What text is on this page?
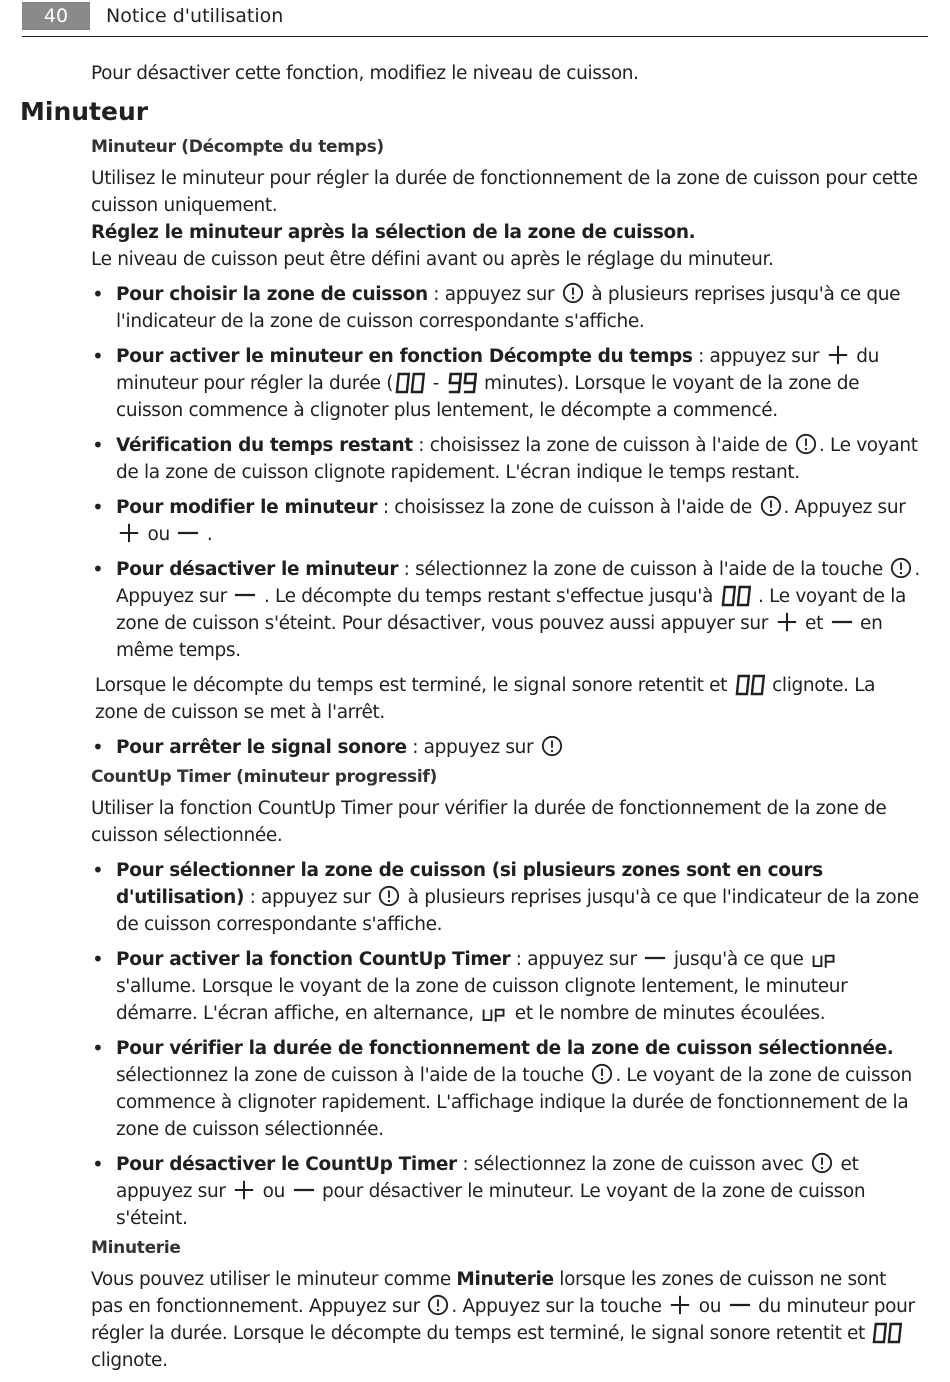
40	Notice d'utilisation

Pour désactiver cette fonction, modifiez le niveau de cuisson.

Minuteur
Minuteur (Décompte du temps)

Utilisez le minuteur pour régler la durée de fonctionnement de la zone de cuisson pour cette cuisson uniquement.

Réglez le minuteur après la sélection de la zone de cuisson.

Le niveau de cuisson peut être défini avant ou après le réglage du minuteur.

• Pour choisir la zone de cuisson : appuyez sur  à plusieurs reprises jusqu'à ce que l'indicateur de la zone de cuisson correspondante s'affiche.
• Pour activer le minuteur en fonction Décompte du temps : appuyez sur  du minuteur pour régler la durée ( -  minutes). Lorsque le voyant de la zone de cuisson commence à clignoter plus lentement, le décompte a commencé.
• Vérification du temps restant : choisissez la zone de cuisson à l'aide de . Le voyant de la zone de cuisson clignote rapidement. L'écran indique le temps restant.
• Pour modifier le minuteur : choisissez la zone de cuisson à l'aide de . Appuyez sur  ou  .
• Pour désactiver le minuteur : sélectionnez la zone de cuisson à l'aide de la touche . Appuyez sur  . Le décompte du temps restant s'effectue jusqu'à  . Le voyant de la zone de cuisson s'éteint. Pour désactiver, vous pouvez aussi appuyer sur  et  en même temps.

Lorsque le décompte du temps est terminé, le signal sonore retentit et  clignote. La zone de cuisson se met à l'arrêt.

• Pour arrêter le signal sonore : appuyez sur
CountUp Timer (minuteur progressif)

Utiliser la fonction CountUp Timer pour vérifier la durée de fonctionnement de la zone de cuisson sélectionnée.

• Pour sélectionner la zone de cuisson (si plusieurs zones sont en cours d'utilisation) : appuyez sur  à plusieurs reprises jusqu'à ce que l'indicateur de la zone de cuisson correspondante s'affiche.
• Pour activer la fonction CountUp Timer : appuyez sur  jusqu'à ce que  s'allume. Lorsque le voyant de la zone de cuisson clignote lentement, le minuteur démarre. L'écran affiche, en alternance,  et le nombre de minutes écoulées.
• Pour vérifier la durée de fonctionnement de la zone de cuisson sélectionnée. sélectionnez la zone de cuisson à l'aide de la touche . Le voyant de la zone de cuisson commence à clignoter rapidement. L'affichage indique la durée de fonctionnement de la zone de cuisson sélectionnée.
• Pour désactiver le CountUp Timer : sélectionnez la zone de cuisson avec  et appuyez sur  ou  pour désactiver le minuteur. Le voyant de la zone de cuisson s'éteint.
Minuterie

Vous pouvez utiliser le minuteur comme Minuterie lorsque les zones de cuisson ne sont pas en fonctionnement. Appuyez sur . Appuyez sur la touche  ou  du minuteur pour régler la durée. Lorsque le décompte du temps est terminé, le signal sonore retentit et  clignote.
